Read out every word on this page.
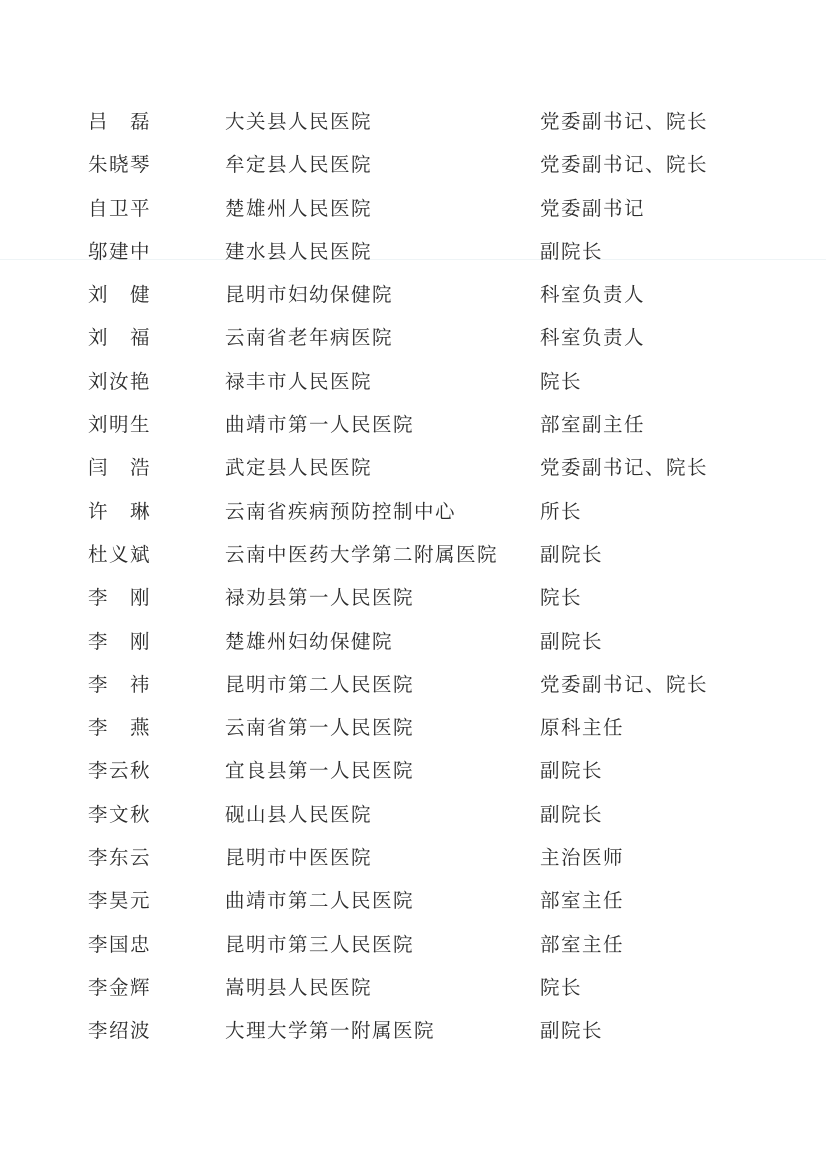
吕　磊	大关县人民医院	党委副书记、院长
朱晓琴	牟定县人民医院	党委副书记、院长
自卫平	楚雄州人民医院	党委副书记
邬建中	建水县人民医院	副院长
刘　健	昆明市妇幼保健院	科室负责人
刘　福	云南省老年病医院	科室负责人
刘汝艳	禄丰市人民医院	院长
刘明生	曲靖市第一人民医院	部室副主任
闫　浩	武定县人民医院	党委副书记、院长
许　琳	云南省疾病预防控制中心	所长
杜义斌	云南中医药大学第二附属医院 副院长
李　刚	禄劝县第一人民医院	院长
李　刚	楚雄州妇幼保健院	副院长
李　祎	昆明市第二人民医院	党委副书记、院长
李　燕	云南省第一人民医院	原科主任
李云秋	宜良县第一人民医院	副院长
李文秋	砚山县人民医院	副院长
李东云	昆明市中医医院	主治医师
李昊元	曲靖市第二人民医院	部室主任
李国忠	昆明市第三人民医院	部室主任
李金辉	嵩明县人民医院	院长
李绍波	大理大学第一附属医院	副院长
